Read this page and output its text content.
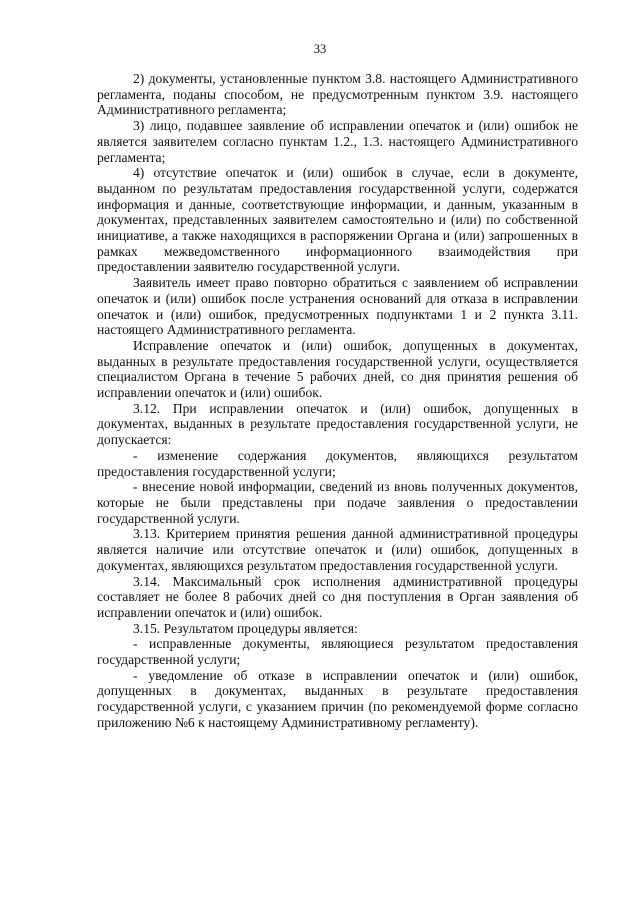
33

2) документы, установленные пунктом 3.8. настоящего Административного регламента, поданы способом, не предусмотренным пунктом 3.9. настоящего Административного регламента;

3) лицо, подавшее заявление об исправлении опечаток и (или) ошибок не является заявителем согласно пунктам 1.2., 1.3. настоящего Административного регламента;

4) отсутствие опечаток и (или) ошибок в случае, если в документе, выданном по результатам предоставления государственной услуги, содержатся информация и данные, соответствующие информации, и данным, указанным в документах, представленных заявителем самостоятельно и (или) по собственной инициативе, а также находящихся в распоряжении Органа и (или) запрошенных в рамках межведомственного информационного взаимодействия при предоставлении заявителю государственной услуги.

Заявитель имеет право повторно обратиться с заявлением об исправлении опечаток и (или) ошибок после устранения оснований для отказа в исправлении опечаток и (или) ошибок, предусмотренных подпунктами 1 и 2 пункта 3.11. настоящего Административного регламента.

Исправление опечаток и (или) ошибок, допущенных в документах, выданных в результате предоставления государственной услуги, осуществляется специалистом Органа в течение 5 рабочих дней, со дня принятия решения об исправлении опечаток и (или) ошибок.

3.12. При исправлении опечаток и (или) ошибок, допущенных в документах, выданных в результате предоставления государственной услуги, не допускается:

- изменение содержания документов, являющихся результатом предоставления государственной услуги;

- внесение новой информации, сведений из вновь полученных документов, которые не были представлены при подаче заявления о предоставлении государственной услуги.

3.13. Критерием принятия решения данной административной процедуры является наличие или отсутствие опечаток и (или) ошибок, допущенных в документах, являющихся результатом предоставления государственной услуги.

3.14. Максимальный срок исполнения административной процедуры составляет не более 8 рабочих дней со дня поступления в Орган заявления об исправлении опечаток и (или) ошибок.

3.15. Результатом процедуры является:

- исправленные документы, являющиеся результатом предоставления государственной услуги;

- уведомление об отказе в исправлении опечаток и (или) ошибок, допущенных в документах, выданных в результате предоставления государственной услуги, с указанием причин (по рекомендуемой форме согласно приложению №6 к настоящему Административному регламенту).
